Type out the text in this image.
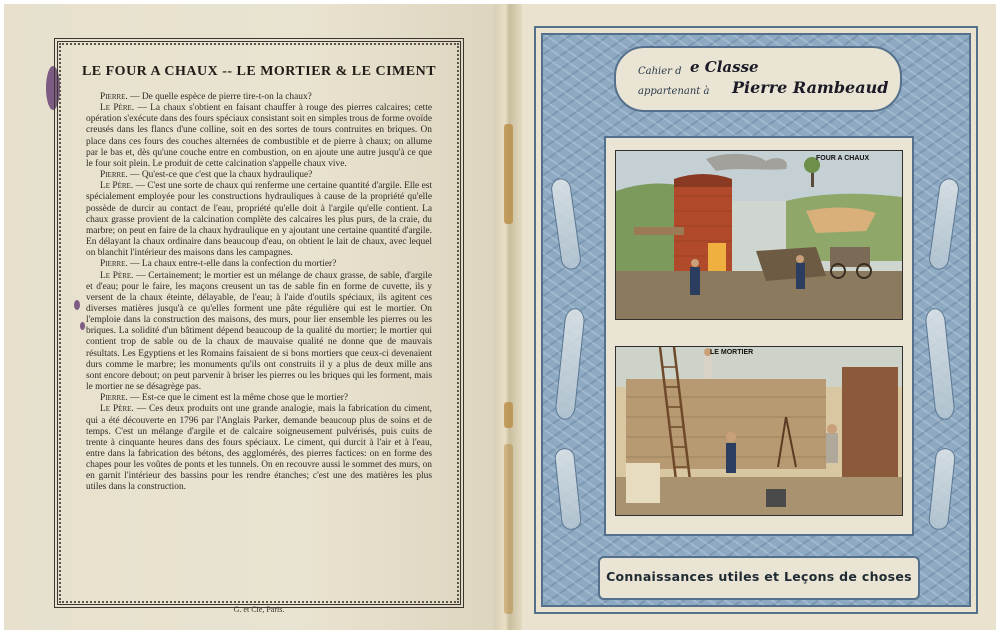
LE FOUR A CHAUX -- LE MORTIER & LE CIMENT

Pierre. — De quelle espèce de pierre tire-t-on la chaux?

Le Père. — La chaux s'obtient en faisant chauffer à rouge des pierres calcaires; cette opération s'exécute dans des fours spéciaux consistant soit en simples trous de forme ovoïde creusés dans les flancs d'une colline, soit en des sortes de tours contruites en briques. On place dans ces fours des couches alternées de combustible et de pierre à chaux; on allume par le bas et, dès qu'une couche entre en combustion, on en ajoute une autre jusqu'à ce que le four soit plein. Le produit de cette calcination s'appelle chaux vive.

Pierre. — Qu'est-ce que c'est que la chaux hydraulique?

Le Père. — C'est une sorte de chaux qui renferme une certaine quantité d'argile. Elle est spécialement employée pour les constructions hydrauliques à cause de la propriété qu'elle possède de durcir au contact de l'eau, propriété qu'elle doit à l'argile qu'elle contient. La chaux grasse provient de la calcination complète des calcaires les plus purs, de la craie, du marbre; on peut en faire de la chaux hydraulique en y ajoutant une certaine quantité d'argile. En délayant la chaux ordinaire dans beaucoup d'eau, on obtient le lait de chaux, avec lequel on blanchit l'intérieur des maisons dans les campagnes.

Pierre. — La chaux entre-t-elle dans la confection du mortier?

Le Père. — Certainement; le mortier est un mélange de chaux grasse, de sable, d'argile et d'eau; pour le faire, les maçons creusent un tas de sable fin en forme de cuvette, ils y versent de la chaux éteinte, délayable, de l'eau; à l'aide d'outils spéciaux, ils agitent ces diverses matières jusqu'à ce qu'elles forment une pâte régulière qui est le mortier. On l'emploie dans la construction des maisons, des murs, pour lier ensemble les pierres ou les briques. La solidité d'un bâtiment dépend beaucoup de la qualité du mortier; le mortier qui contient trop de sable ou de la chaux de mauvaise qualité ne donne que de mauvais résultats. Les Egyptiens et les Romains faisaient de si bons mortiers que ceux-ci devenaient durs comme le marbre; les monuments qu'ils ont construits il y a plus de deux mille ans sont encore debout; on peut parvenir à briser les pierres ou les briques qui les forment, mais le mortier ne se désagrège pas.

Pierre. — Est-ce que le ciment est la même chose que le mortier?

Le Père. — Ces deux produits ont une grande analogie, mais la fabrication du ciment, qui a été découverte en 1796 par l'Anglais Parker, demande beaucoup plus de soins et de temps. C'est un mélange d'argile et de calcaire soigneusement pulvérisés, puis cuits de trente à cinquante heures dans des fours spéciaux. Le ciment, qui durcit à l'air et à l'eau, entre dans la fabrication des bétons, des agglomérés, des pierres factices: on en forme des chapes pour les voûtes de ponts et les tunnels. On en recouvre aussi le sommet des murs, on en garnit l'intérieur des bassins pour les rendre étanches; c'est une des matières les plus utiles dans la construction.

G. et Cie, Paris.
Cahier d e Classe
appartenant à Pierre Rambeaud
FOUR A CHAUX
LE MORTIER
Connaissances utiles et Leçons de choses
